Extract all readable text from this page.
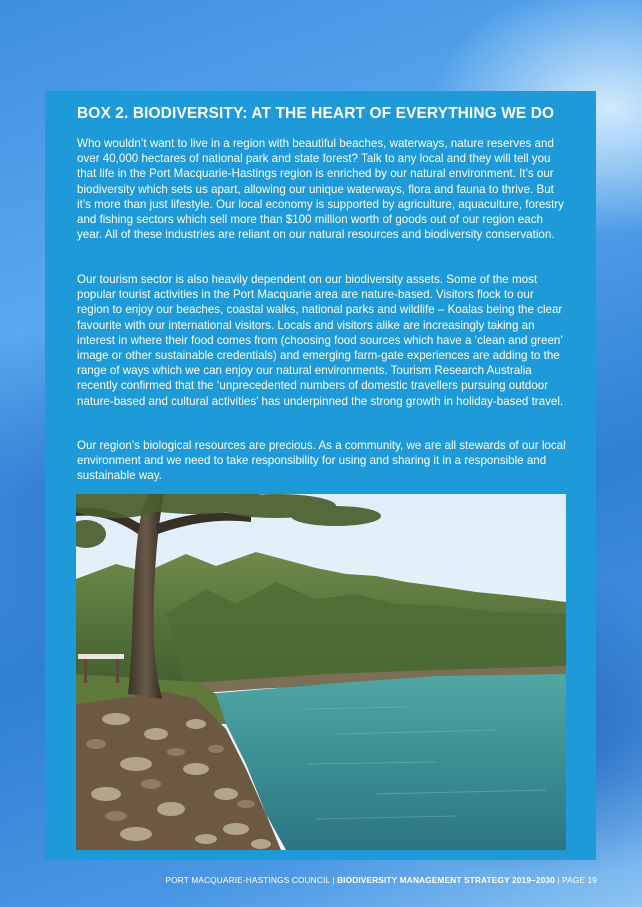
BOX 2. BIODIVERSITY: AT THE HEART OF EVERYTHING WE DO

Who wouldn’t want to live in a region with beautiful beaches, waterways, nature reserves and over 40,000 hectares of national park and state forest? Talk to any local and they will tell you that life in the Port Macquarie-Hastings region is enriched by our natural environment. It’s our biodiversity which sets us apart, allowing our unique waterways, flora and fauna to thrive. But it’s more than just lifestyle. Our local economy is supported by agriculture, aquaculture, forestry and fishing sectors which sell more than $100 million worth of goods out of our region each year. All of these industries are reliant on our natural resources and biodiversity conservation.

Our tourism sector is also heavily dependent on our biodiversity assets. Some of the most popular tourist activities in the Port Macquarie area are nature-based. Visitors flock to our region to enjoy our beaches, coastal walks, national parks and wildlife – Koalas being the clear favourite with our international visitors. Locals and visitors alike are increasingly taking an interest in where their food comes from (choosing food sources which have a ‘clean and green’ image or other sustainable credentials) and emerging farm-gate experiences are adding to the range of ways which we can enjoy our natural environments. Tourism Research Australia recently confirmed that the ‘unprecedented numbers of domestic travellers pursuing outdoor nature-based and cultural activities’ has underpinned the strong growth in holiday-based travel.

Our region’s biological resources are precious. As a community, we are all stewards of our local environment and we need to take responsibility for using and sharing it in a responsible and sustainable way.

PORT MACQUARIE-HASTINGS COUNCIL | BIODIVERSITY MANAGEMENT STRATEGY 2019–2030 | PAGE 19
